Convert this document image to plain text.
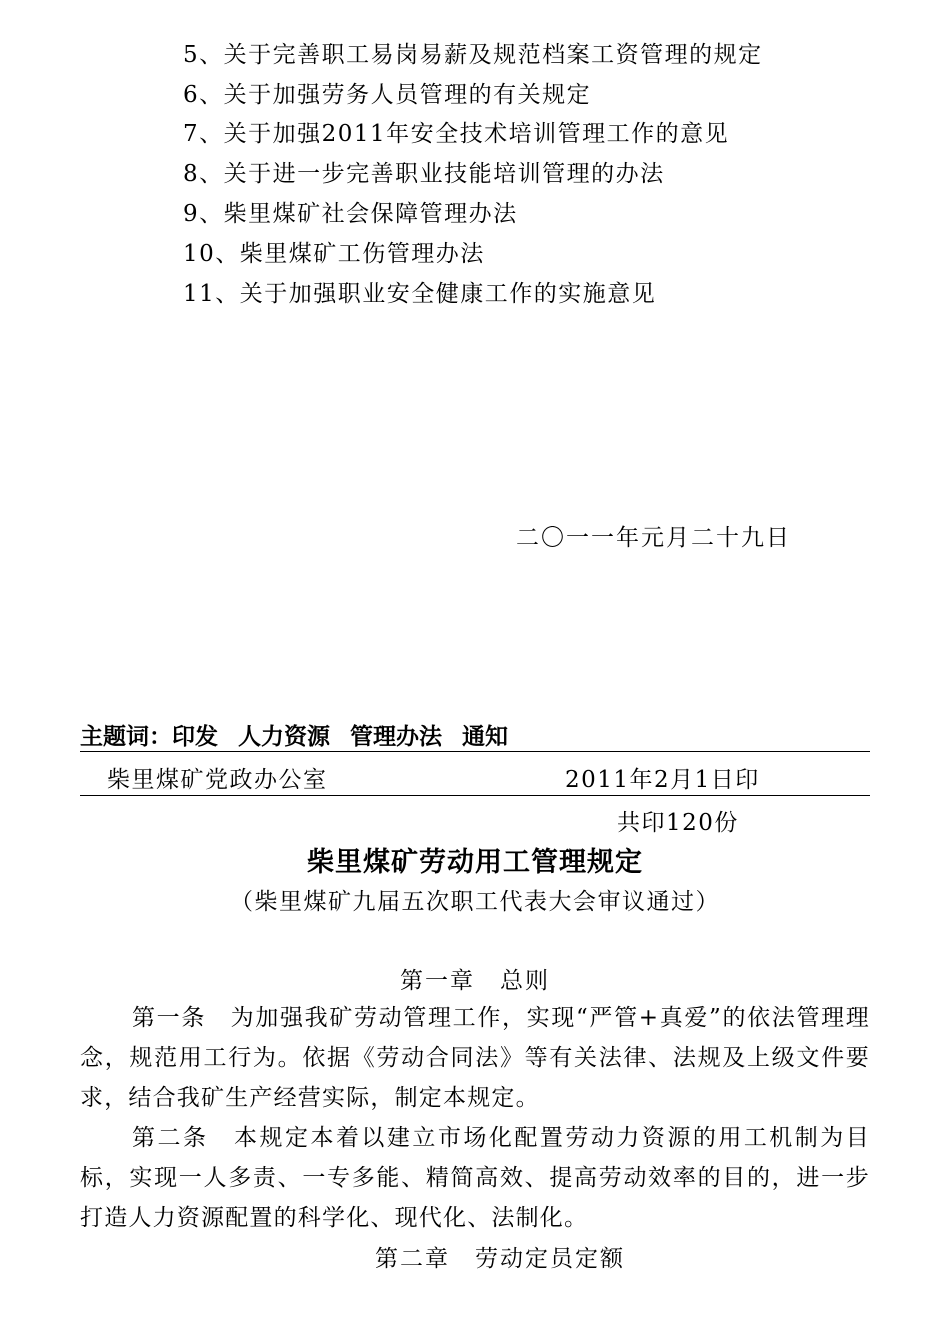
5、关于完善职工易岗易薪及规范档案工资管理的规定
6、关于加强劳务人员管理的有关规定
7、关于加强2011年安全技术培训管理工作的意见
8、关于进一步完善职业技能培训管理的办法
9、柴里煤矿社会保障管理办法
10、柴里煤矿工伤管理办法
11、关于加强职业安全健康工作的实施意见
二〇一一年元月二十九日
主题词：印发 人力资源 管理办法 通知
柴里煤矿党政办公室	2011年2月1日印
共印120份
柴里煤矿劳动用工管理规定
（柴里煤矿九届五次职工代表大会审议通过）
第一章　总则
第一条　为加强我矿劳动管理工作，实现“严管+真爱”的依法管理理念，规范用工行为。依据《劳动合同法》等有关法律、法规及上级文件要求，结合我矿生产经营实际，制定本规定。
第二条　本规定本着以建立市场化配置劳动力资源的用工机制为目标，实现一人多责、一专多能、精简高效、提高劳动效率的目的，进一步打造人力资源配置的科学化、现代化、法制化。
第二章　劳动定员定额
